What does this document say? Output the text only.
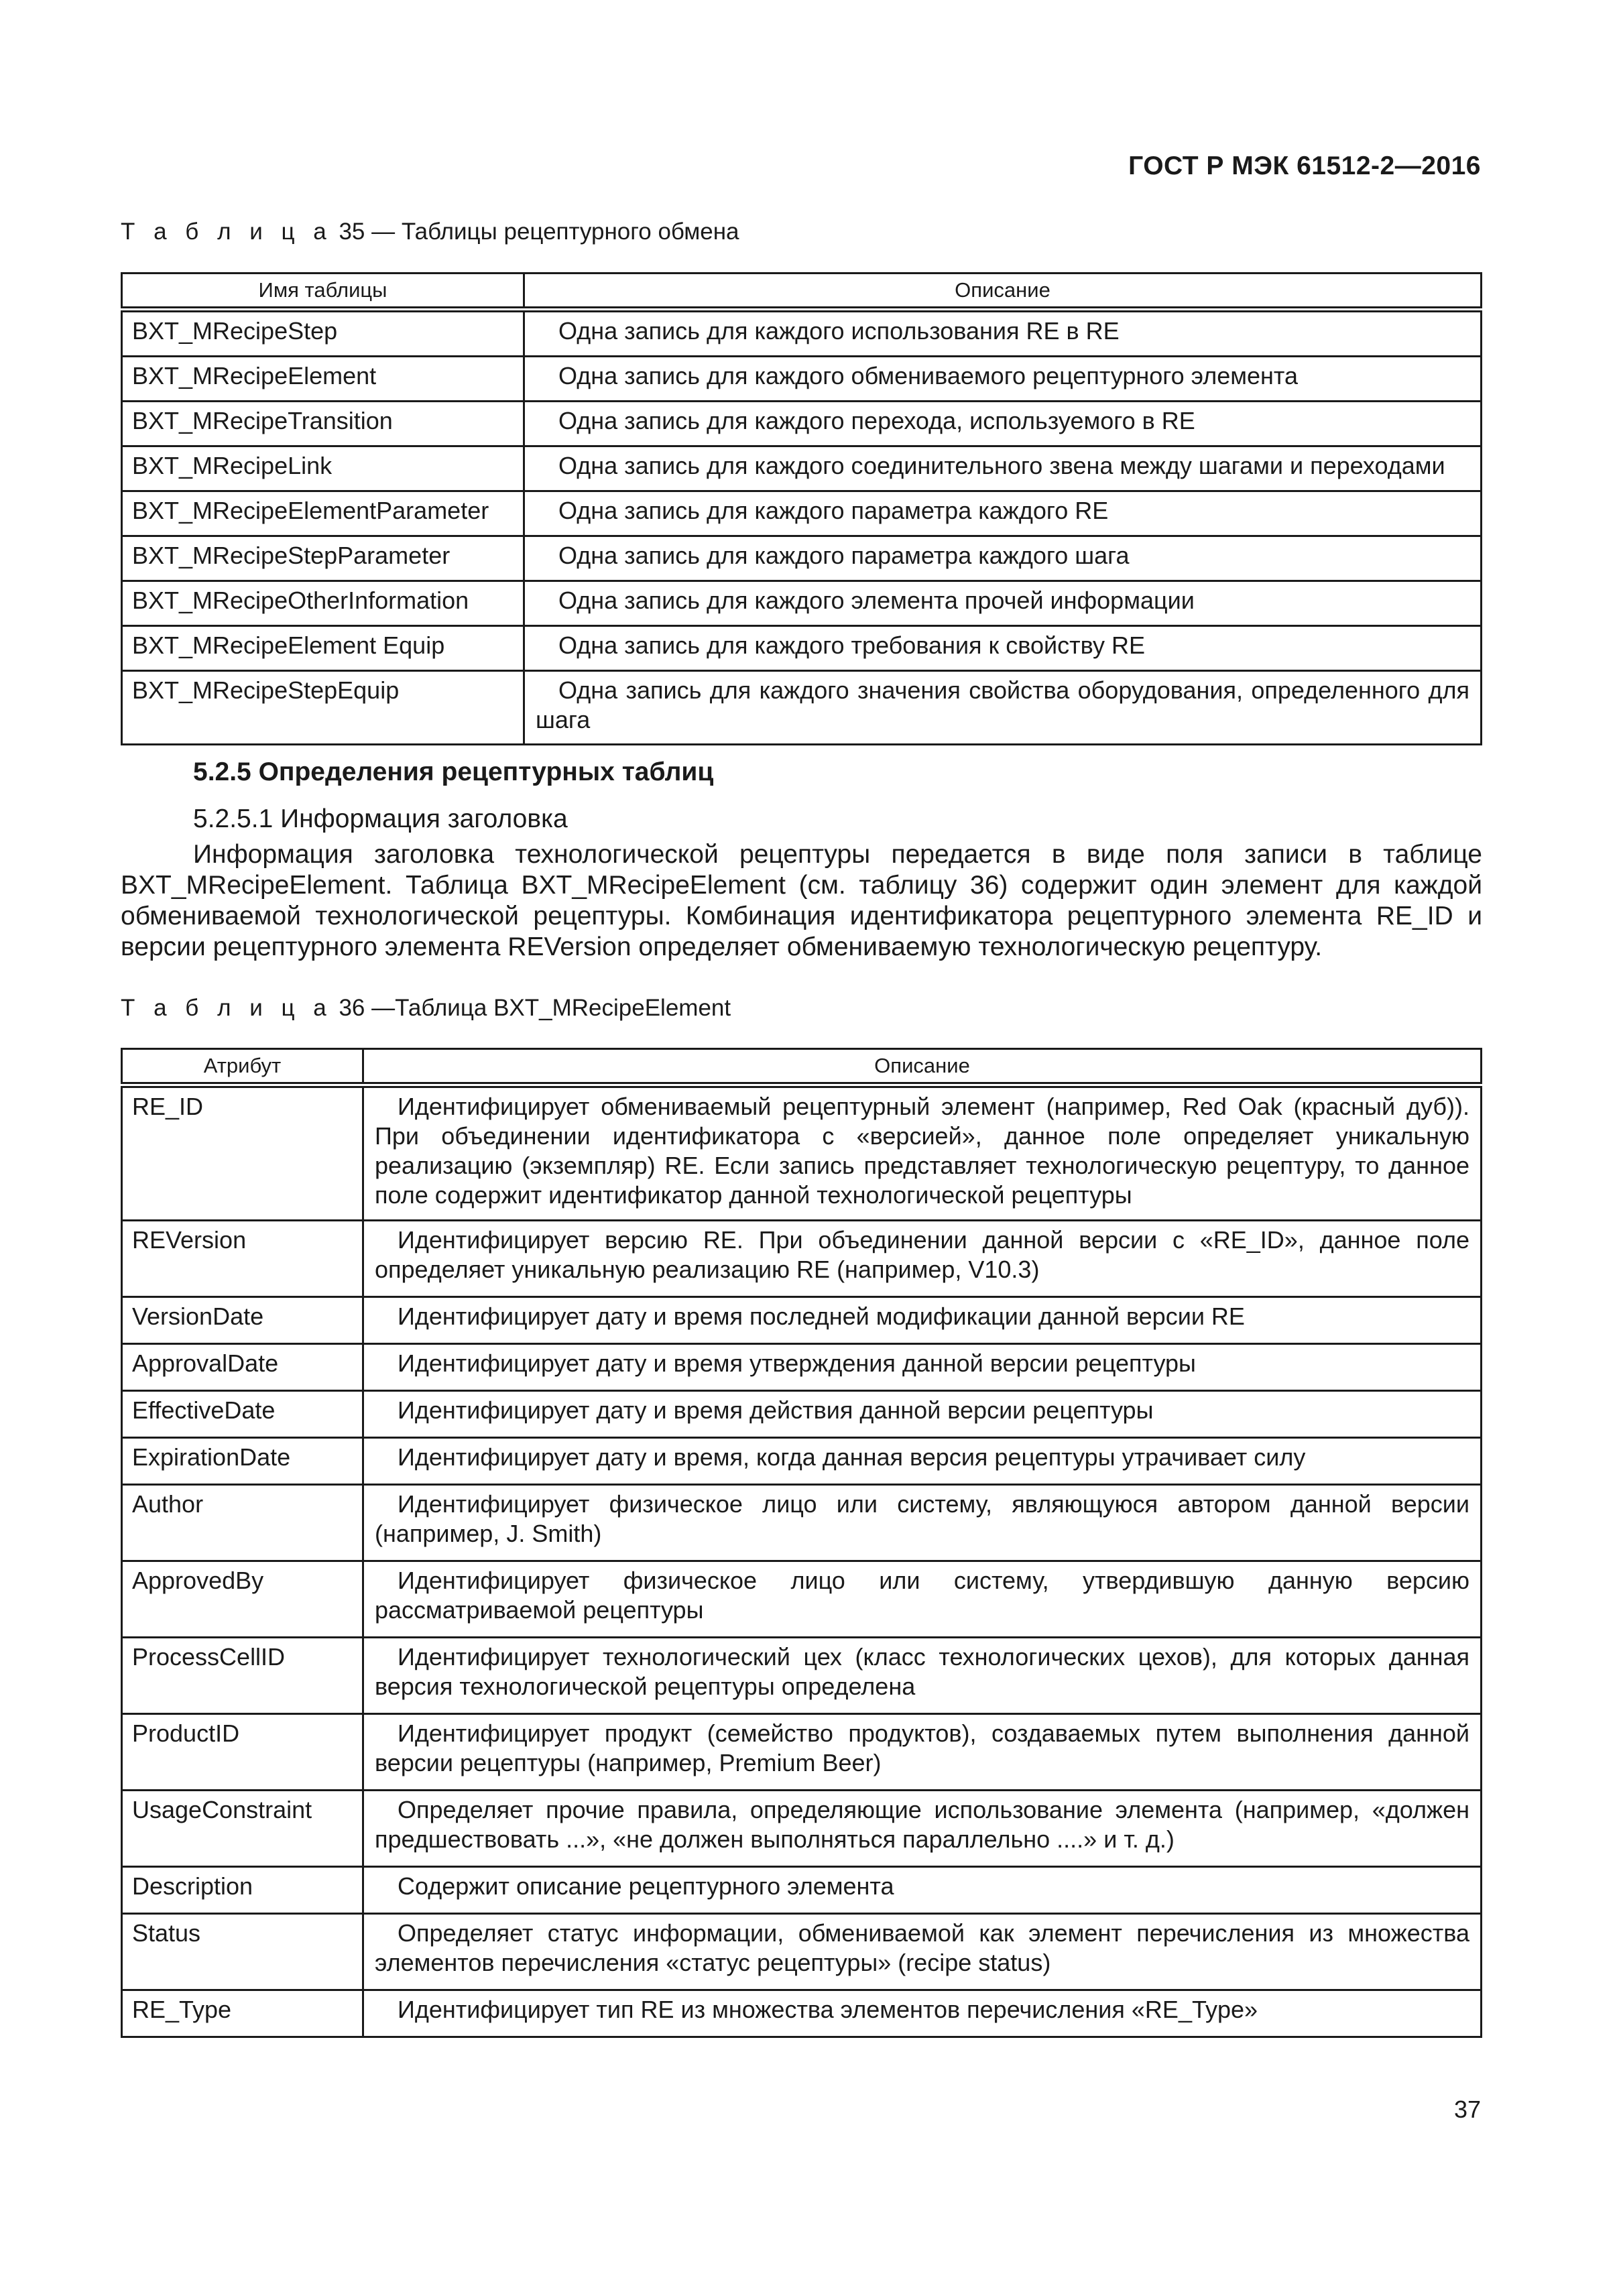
ГОСТ Р МЭК 61512-2—2016
Т а б л и ц а 35 — Таблицы рецептурного обмена
Имя таблицы	Описание
BXT_MRecipeStep	Одна запись для каждого использования RE в RE
BXT_MRecipeElement	Одна запись для каждого обмениваемого рецептурного элемента
BXT_MRecipeTransition	Одна запись для каждого перехода, используемого в RE
BXT_MRecipeLink	Одна запись для каждого соединительного звена между шагами и переходами
BXT_MRecipeElementParameter	Одна запись для каждого параметра каждого RE
BXT_MRecipeStepParameter	Одна запись для каждого параметра каждого шага
BXT_MRecipeOtherInformation	Одна запись для каждого элемента прочей информации
BXT_MRecipeElement Equip	Одна запись для каждого требования к свойству RE
BXT_MRecipeStepEquip	Одна запись для каждого значения свойства оборудования, определенного для шага
5.2.5 Определения рецептурных таблиц
5.2.5.1 Информация заголовка

Информация заголовка технологической рецептуры передается в виде поля записи в таблице BXT_MRecipeElement. Таблица BXT_MRecipeElement (см. таблицу 36) содержит один элемент для каждой обмениваемой технологической рецептуры. Комбинация идентификатора рецептурного элемента RE_ID и версии рецептурного элемента REVersion определяет обмениваемую технологическую рецептуру.

Т а б л и ц а 36 —Таблица BXT_MRecipeElement
Атрибут	Описание
RE_ID	Идентифицирует обмениваемый рецептурный элемент (например, Red Oak (красный дуб)). При объединении идентификатора с «версией», данное поле определяет уникальную реализацию (экземпляр) RE. Если запись представляет технологическую рецептуру, то данное поле содержит идентификатор данной технологической рецептуры
REVersion	Идентифицирует версию RE. При объединении данной версии с «RE_ID», данное поле определяет уникальную реализацию RE (например, V10.3)
VersionDate	Идентифицирует дату и время последней модификации данной версии RE
ApprovalDate	Идентифицирует дату и время утверждения данной версии рецептуры
EffectiveDate	Идентифицирует дату и время действия данной версии рецептуры
ExpirationDate	Идентифицирует дату и время, когда данная версия рецептуры утрачивает силу
Author	Идентифицирует физическое лицо или систему, являющуюся автором данной версии (например, J. Smith)
ApprovedBy	Идентифицирует физическое лицо или систему, утвердившую данную версию рассматриваемой рецептуры
ProcessCellID	Идентифицирует технологический цех (класс технологических цехов), для которых данная версия технологической рецептуры определена
ProductID	Идентифицирует продукт (семейство продуктов), создаваемых путем выполнения данной версии рецептуры (например, Premium Beer)
UsageConstraint	Определяет прочие правила, определяющие использование элемента (например, «должен предшествовать ...», «не должен выполняться параллельно ....» и т. д.)
Description	Содержит описание рецептурного элемента
Status	Определяет статус информации, обмениваемой как элемент перечисления из множества элементов перечисления «статус рецептуры» (recipe status)
RE_Type	Идентифицирует тип RE из множества элементов перечисления «RE_Type»
37
